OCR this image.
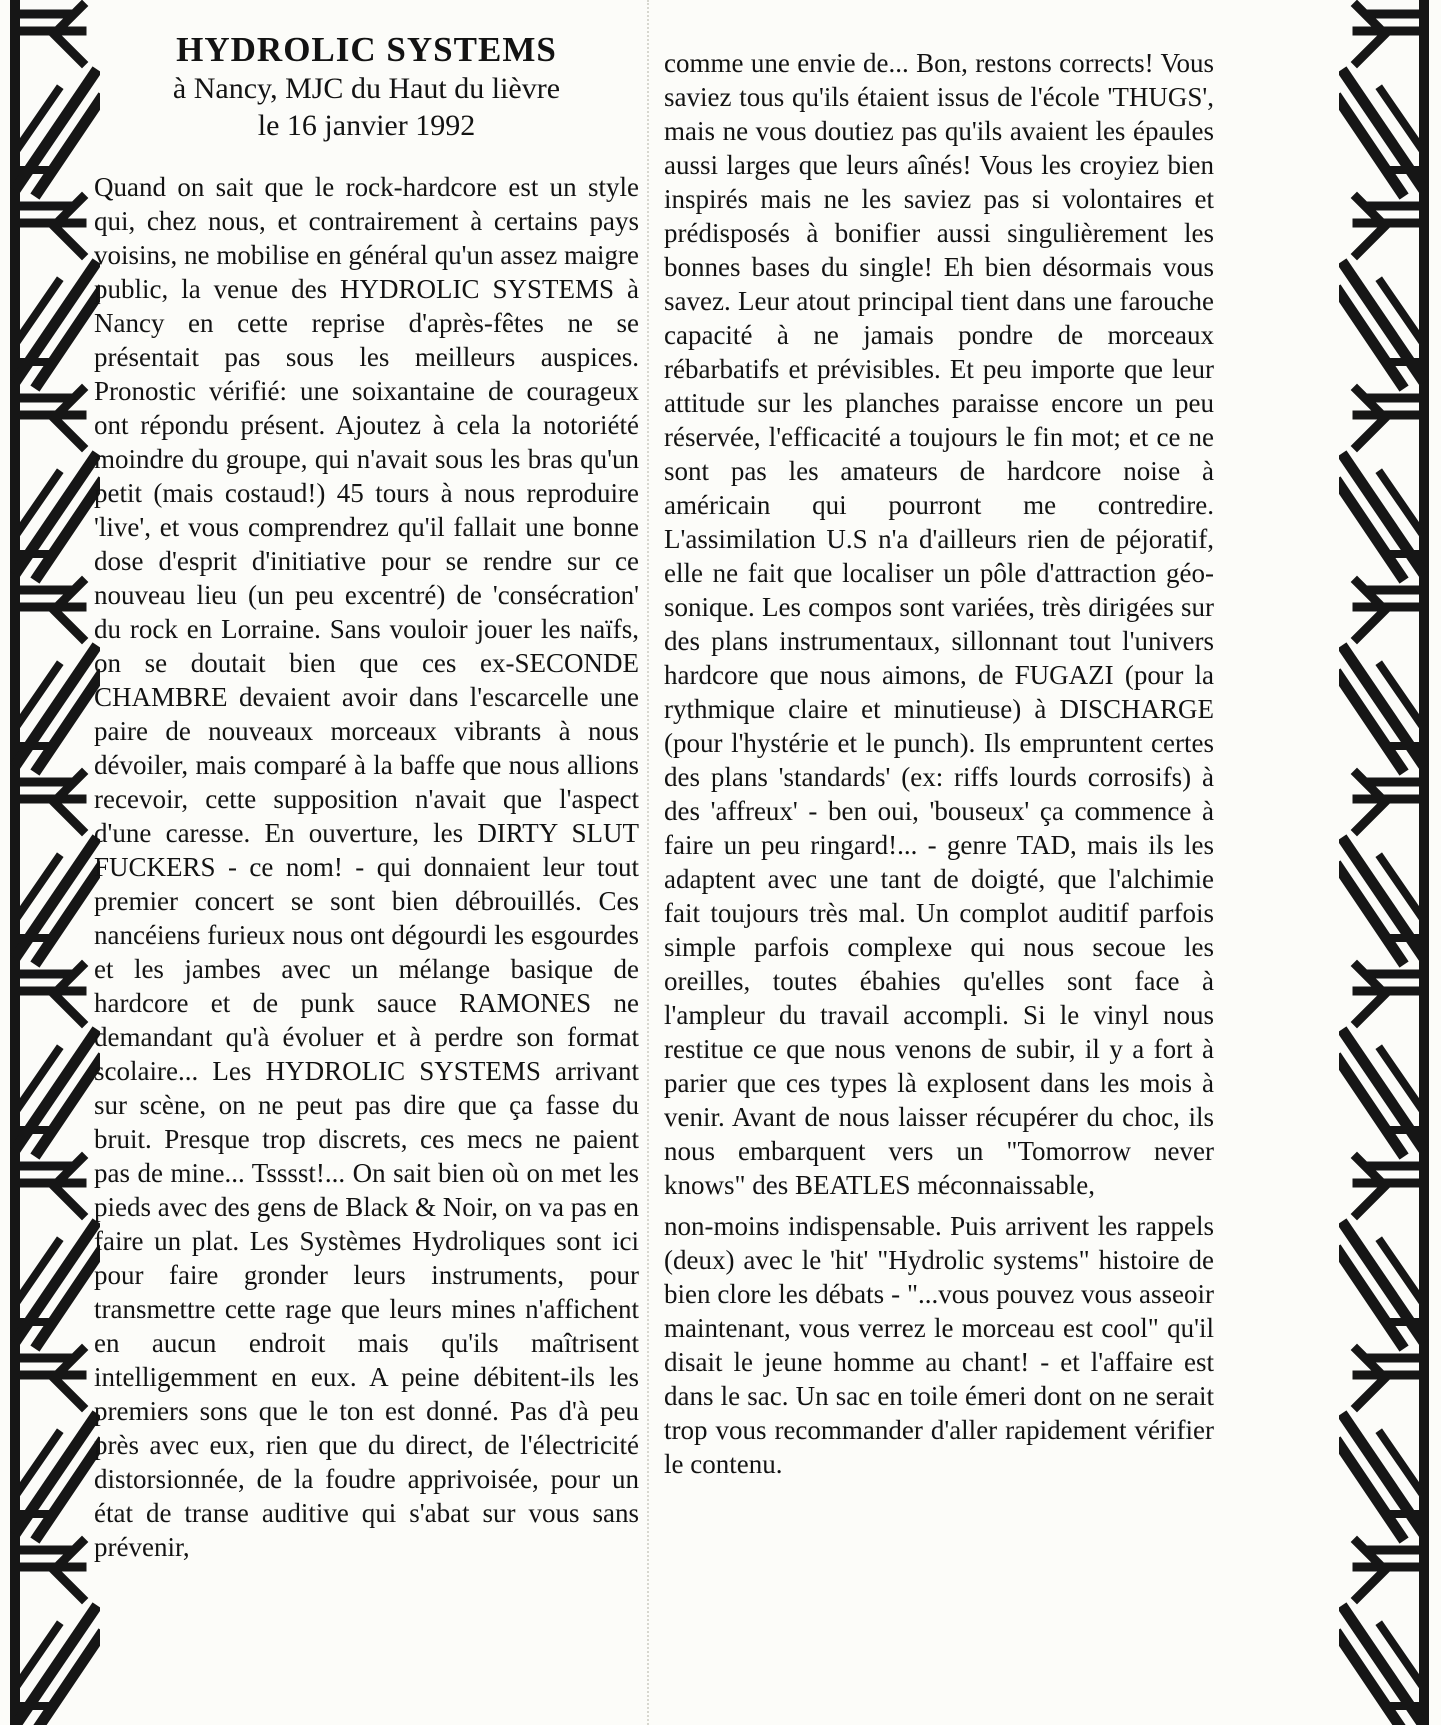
HYDROLIC SYSTEMS
à Nancy, MJC du Haut du lièvre
le 16 janvier 1992

Quand on sait que le rock-hardcore est un style qui, chez nous, et contrairement à certains pays voisins, ne mobilise en général qu'un assez maigre public, la venue des HYDROLIC SYSTEMS à Nancy en cette reprise d'après-fêtes ne se présentait pas sous les meilleurs auspices. Pronostic vérifié: une soixantaine de courageux ont répondu présent. Ajoutez à cela la notoriété moindre du groupe, qui n'avait sous les bras qu'un petit (mais costaud!) 45 tours à nous reproduire 'live', et vous comprendrez qu'il fallait une bonne dose d'esprit d'initiative pour se rendre sur ce nouveau lieu (un peu excentré) de 'consécration' du rock en Lorraine. Sans vouloir jouer les naïfs, on se doutait bien que ces ex-SECONDE CHAMBRE devaient avoir dans l'escarcelle une paire de nouveaux morceaux vibrants à nous dévoiler, mais comparé à la baffe que nous allions recevoir, cette supposition n'avait que l'aspect d'une caresse. En ouverture, les DIRTY SLUT FUCKERS - ce nom! - qui donnaient leur tout premier concert se sont bien débrouillés. Ces nancéiens furieux nous ont dégourdi les esgourdes et les jambes avec un mélange basique de hardcore et de punk sauce RAMONES ne demandant qu'à évoluer et à perdre son format scolaire... Les HYDROLIC SYSTEMS arrivant sur scène, on ne peut pas dire que ça fasse du bruit. Presque trop discrets, ces mecs ne paient pas de mine... Tsssst!... On sait bien où on met les pieds avec des gens de Black & Noir, on va pas en faire un plat. Les Systèmes Hydroliques sont ici pour faire gronder leurs instruments, pour transmettre cette rage que leurs mines n'affichent en aucun endroit mais qu'ils maîtrisent intelligemment en eux. A peine débitent-ils les premiers sons que le ton est donné. Pas d'à peu près avec eux, rien que du direct, de l'électricité distorsionnée, de la foudre apprivoisée, pour un état de transe auditive qui s'abat sur vous sans prévenir,

comme une envie de... Bon, restons corrects! Vous saviez tous qu'ils étaient issus de l'école 'THUGS', mais ne vous doutiez pas qu'ils avaient les épaules aussi larges que leurs aînés! Vous les croyiez bien inspirés mais ne les saviez pas si volontaires et prédisposés à bonifier aussi singulièrement les bonnes bases du single! Eh bien désormais vous savez. Leur atout principal tient dans une farouche capacité à ne jamais pondre de morceaux rébarbatifs et prévisibles. Et peu importe que leur attitude sur les planches paraisse encore un peu réservée, l'efficacité a toujours le fin mot; et ce ne sont pas les amateurs de hardcore noise à américain qui pourront me contredire. L'assimilation U.S n'a d'ailleurs rien de péjoratif, elle ne fait que localiser un pôle d'attraction géo-sonique. Les compos sont variées, très dirigées sur des plans instrumentaux, sillonnant tout l'univers hardcore que nous aimons, de FUGAZI (pour la rythmique claire et minutieuse) à DISCHARGE (pour l'hystérie et le punch). Ils empruntent certes des plans 'standards' (ex: riffs lourds corrosifs) à des 'affreux' - ben oui, 'bouseux' ça commence à faire un peu ringard!... - genre TAD, mais ils les adaptent avec une tant de doigté, que l'alchimie fait toujours très mal. Un complot auditif parfois simple parfois complexe qui nous secoue les oreilles, toutes ébahies qu'elles sont face à l'ampleur du travail accompli. Si le vinyl nous restitue ce que nous venons de subir, il y a fort à parier que ces types là explosent dans les mois à venir. Avant de nous laisser récupérer du choc, ils nous embarquent vers un "Tomorrow never knows" des BEATLES méconnaissable,

non-moins indispensable. Puis arrivent les rappels (deux) avec le 'hit' "Hydrolic systems" histoire de bien clore les débats - "...vous pouvez vous asseoir maintenant, vous verrez le morceau est cool" qu'il disait le jeune homme au chant! - et l'affaire est dans le sac. Un sac en toile émeri dont on ne serait trop vous recommander d'aller rapidement vérifier le contenu.
